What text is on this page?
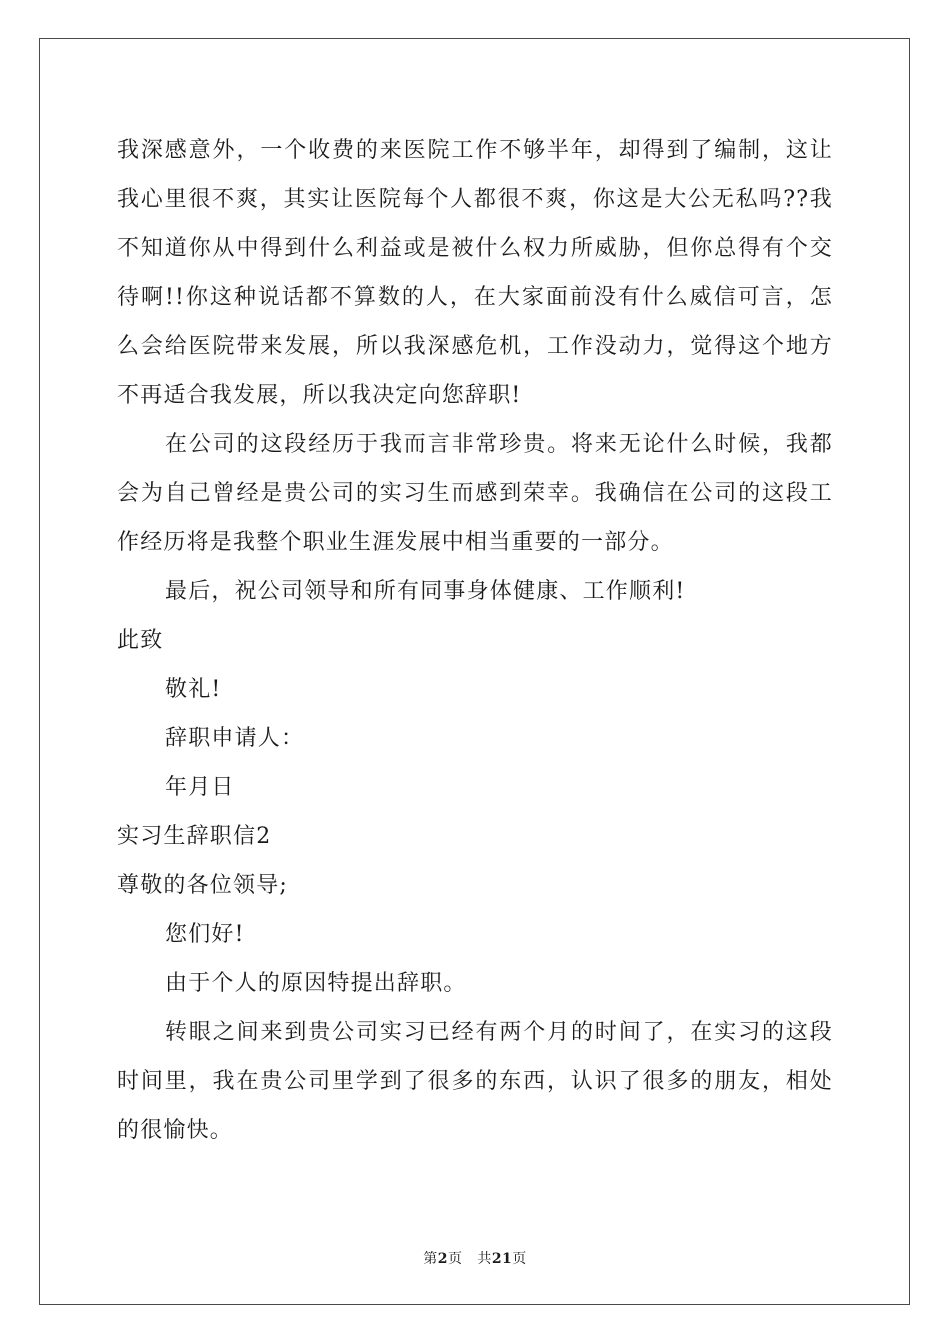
我深感意外，一个收费的来医院工作不够半年，却得到了编制，这让我心里很不爽，其实让医院每个人都很不爽，你这是大公无私吗??我不知道你从中得到什么利益或是被什么权力所威胁，但你总得有个交待啊!!你这种说话都不算数的人，在大家面前没有什么威信可言，怎么会给医院带来发展，所以我深感危机，工作没动力，觉得这个地方不再适合我发展，所以我决定向您辞职!

在公司的这段经历于我而言非常珍贵。将来无论什么时候，我都会为自己曾经是贵公司的实习生而感到荣幸。我确信在公司的这段工作经历将是我整个职业生涯发展中相当重要的一部分。

最后，祝公司领导和所有同事身体健康、工作顺利!

此致

敬礼!

辞职申请人：

年月日

实习生辞职信2

尊敬的各位领导;

您们好!

由于个人的原因特提出辞职。

转眼之间来到贵公司实习已经有两个月的时间了，在实习的这段时间里，我在贵公司里学到了很多的东西，认识了很多的朋友，相处的很愉快。

第2页 共21页
